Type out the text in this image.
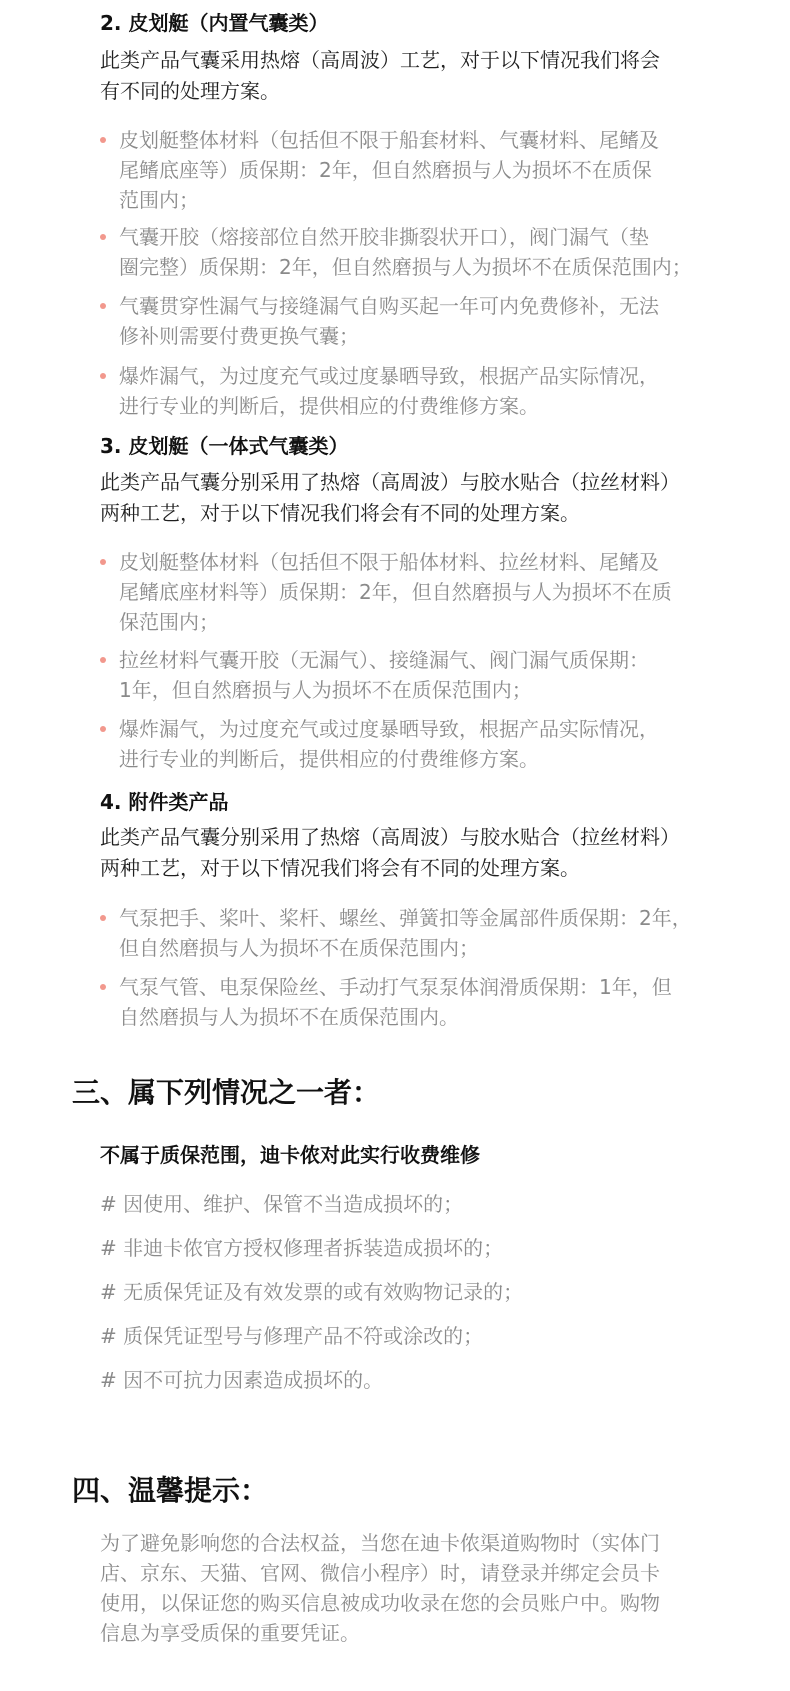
2. 皮划艇（内置气囊类）
此类产品气囊采用热熔（高周波）工艺，对于以下情况我们将会
有不同的处理方案。
皮划艇整体材料（包括但不限于船套材料、气囊材料、尾鳍及
尾鳍底座等）质保期：2年，但自然磨损与人为损坏不在质保
范围内；
气囊开胶（熔接部位自然开胶非撕裂状开口），阀门漏气（垫
圈完整）质保期：2年，但自然磨损与人为损坏不在质保范围内；
气囊贯穿性漏气与接缝漏气自购买起一年可内免费修补，无法
修补则需要付费更换气囊；
爆炸漏气，为过度充气或过度暴晒导致，根据产品实际情况，
进行专业的判断后，提供相应的付费维修方案。
3. 皮划艇（一体式气囊类）
此类产品气囊分别采用了热熔（高周波）与胶水贴合（拉丝材料）
两种工艺，对于以下情况我们将会有不同的处理方案。
皮划艇整体材料（包括但不限于船体材料、拉丝材料、尾鳍及
尾鳍底座材料等）质保期：2年，但自然磨损与人为损坏不在质
保范围内；
拉丝材料气囊开胶（无漏气）、接缝漏气、阀门漏气质保期：
1年，但自然磨损与人为损坏不在质保范围内；
爆炸漏气，为过度充气或过度暴晒导致，根据产品实际情况，
进行专业的判断后，提供相应的付费维修方案。
4. 附件类产品
此类产品气囊分别采用了热熔（高周波）与胶水贴合（拉丝材料）
两种工艺，对于以下情况我们将会有不同的处理方案。
气泵把手、桨叶、桨杆、螺丝、弹簧扣等金属部件质保期：2年，
但自然磨损与人为损坏不在质保范围内；
气泵气管、电泵保险丝、手动打气泵泵体润滑质保期：1年，但
自然磨损与人为损坏不在质保范围内。
三、属下列情况之一者：
不属于质保范围，迪卡侬对此实行收费维修
# 因使用、维护、保管不当造成损坏的；
# 非迪卡侬官方授权修理者拆装造成损坏的；
# 无质保凭证及有效发票的或有效购物记录的；
# 质保凭证型号与修理产品不符或涂改的；
# 因不可抗力因素造成损坏的。
四、温馨提示：
为了避免影响您的合法权益，当您在迪卡侬渠道购物时（实体门
店、京东、天猫、官网、微信小程序）时，请登录并绑定会员卡
使用，以保证您的购买信息被成功收录在您的会员账户中。购物
信息为享受质保的重要凭证。
